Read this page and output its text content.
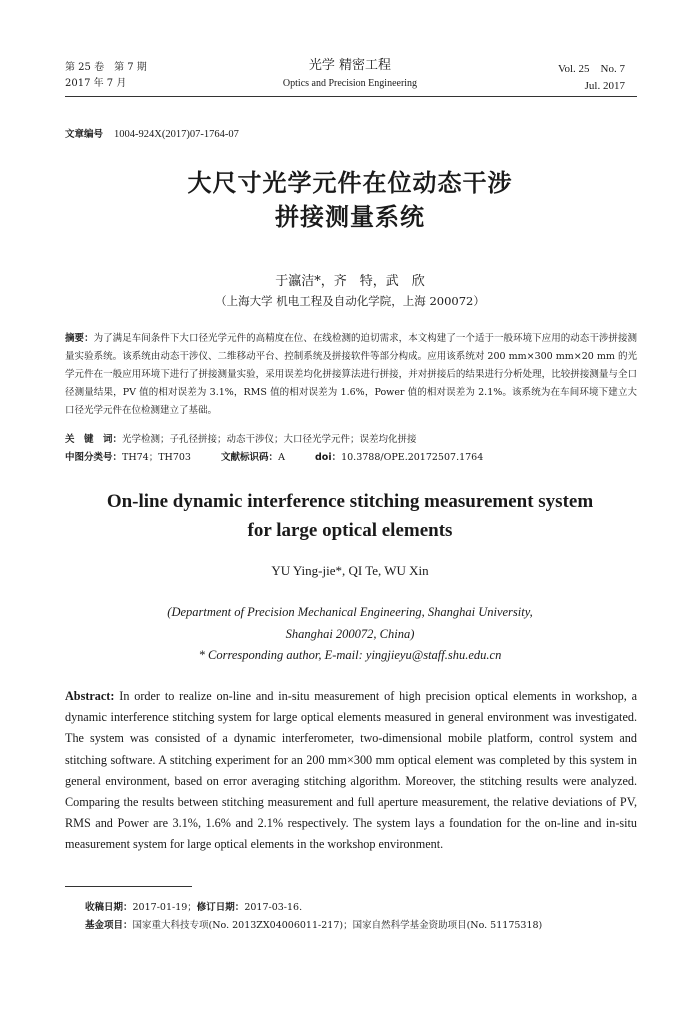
第 25 卷　第 7 期
2017 年 7 月
光学 精密工程
Optics and Precision Engineering
Vol. 25　No. 7
Jul. 2017
文章编号 1004-924X(2017)07-1764-07
大尺寸光学元件在位动态干涉
拼接测量系统
于瀛洁*，齐　特，武　欣
（上海大学 机电工程及自动化学院，上海 200072）
摘要：为了满足车间条件下大口径光学元件的高精度在位、在线检测的迫切需求，本文构建了一个适于一般环境下应用的动态干涉拼接测量实验系统。该系统由动态干涉仪、二维移动平台、控制系统及拼接软件等部分构成。应用该系统对 200 mm×300 mm×20 mm 的光学元件在一般应用环境下进行了拼接测量实验，采用误差均化拼接算法进行拼接，并对拼接后的结果进行分析处理，比较拼接测量与全口径测量结果，PV 值的相对误差为 3.1%，RMS 值的相对误差为 1.6%，Power 值的相对误差为 2.1%。该系统为在车间环境下建立大口径光学元件在位检测建立了基础。
关　键　词：光学检测；子孔径拼接；动态干涉仪；大口径光学元件；误差均化拼接
中图分类号：TH74；TH703	文献标识码：A	doi：10.3788/OPE.20172507.1764
On-line dynamic interference stitching measurement system
for large optical elements
YU Ying-jie*, QI Te, WU Xin
(Department of Precision Mechanical Engineering, Shanghai University,
Shanghai 200072, China)
* Corresponding author, E-mail: yingjieyu@staff.shu.edu.cn
Abstract: In order to realize on-line and in-situ measurement of high precision optical elements in workshop, a dynamic interference stitching system for large optical elements measured in general environment was investigated. The system was consisted of a dynamic interferometer, two-dimensional mobile platform, control system and stitching software. A stitching experiment for an 200 mm×300 mm optical element was completed by this system in general environment, based on error averaging stitching algorithm. Moreover, the stitching results were analyzed. Comparing the results between stitching measurement and full aperture measurement, the relative deviations of PV, RMS and Power are 3.1%, 1.6% and 2.1% respectively. The system lays a foundation for the on-line and in-situ measurement system for large optical elements in the workshop environment.
收稿日期：2017-01-19；修订日期：2017-03-16.
基金项目：国家重大科技专项(No. 2013ZX04006011-217)；国家自然科学基金资助项目(No. 51175318)
